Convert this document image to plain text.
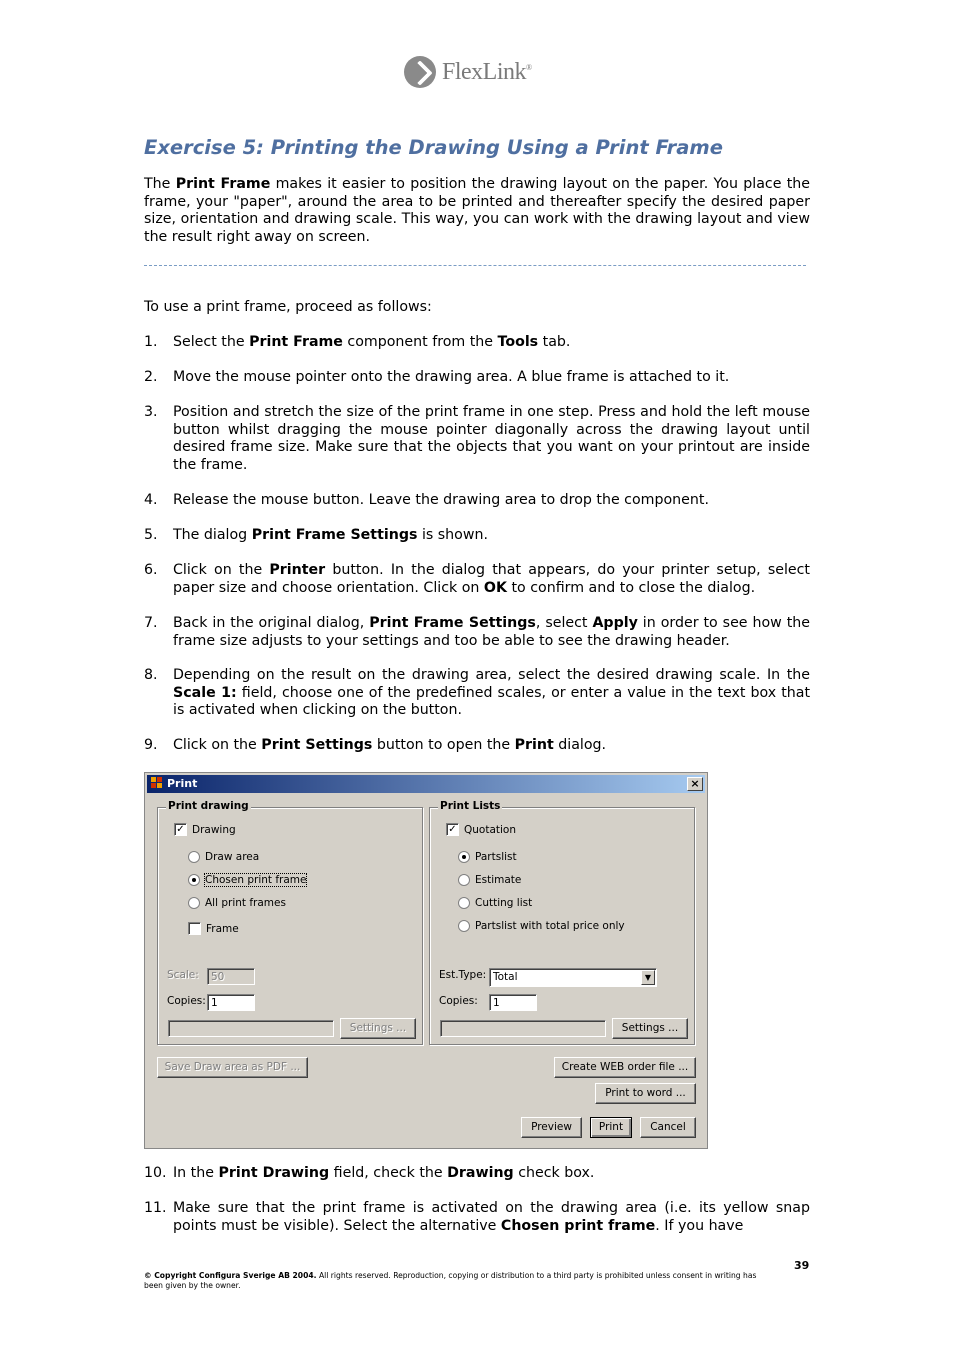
FlexLink®
Exercise 5: Printing the Drawing Using a Print Frame
The Print Frame makes it easier to position the drawing layout on the paper. You place the frame, your "paper", around the area to be printed and thereafter specify the desired paper size, orientation and drawing scale. This way, you can work with the drawing layout and view the result right away on screen.
To use a print frame, proceed as follows:
1. Select the Print Frame component from the Tools tab.
2. Move the mouse pointer onto the drawing area. A blue frame is attached to it.
3. Position and stretch the size of the print frame in one step. Press and hold the left mouse button whilst dragging the mouse pointer diagonally across the drawing layout until desired frame size. Make sure that the objects that you want on your printout are inside the frame.
4. Release the mouse button. Leave the drawing area to drop the component.
5. The dialog Print Frame Settings is shown.
6. Click on the Printer button. In the dialog that appears, do your printer setup, select paper size and choose orientation. Click on OK to confirm and to close the dialog.
7. Back in the original dialog, Print Frame Settings, select Apply in order to see how the frame size adjusts to your settings and too be able to see the drawing header.
8. Depending on the result on the drawing area, select the desired drawing scale. In the Scale 1: field, choose one of the predefined scales, or enter a value in the text box that is activated when clicking on the button.
9. Click on the Print Settings button to open the Print dialog.
Print	×
Print drawing
✓ Drawing
Draw area
Chosen print frame
All print frames
Frame
Scale:	50
Copies: 1
Settings ...
Print Lists
✓ Quotation
Partslist
Estimate
Cutting list
Partslist with total price only
Est.Type: Total	▼
Copies:	1
Settings ...
Save Draw area as PDF ...	Create WEB order file ...
Print to word ...
Preview	Print	Cancel
10. In the Print Drawing field, check the Drawing check box.
11. Make sure that the print frame is activated on the drawing area (i.e. its yellow snap points must be visible). Select the alternative Chosen print frame. If you have
39
© Copyright Configura Sverige AB 2004. All rights reserved. Reproduction, copying or distribution to a third party is prohibited unless consent in writing has been given by the owner.
